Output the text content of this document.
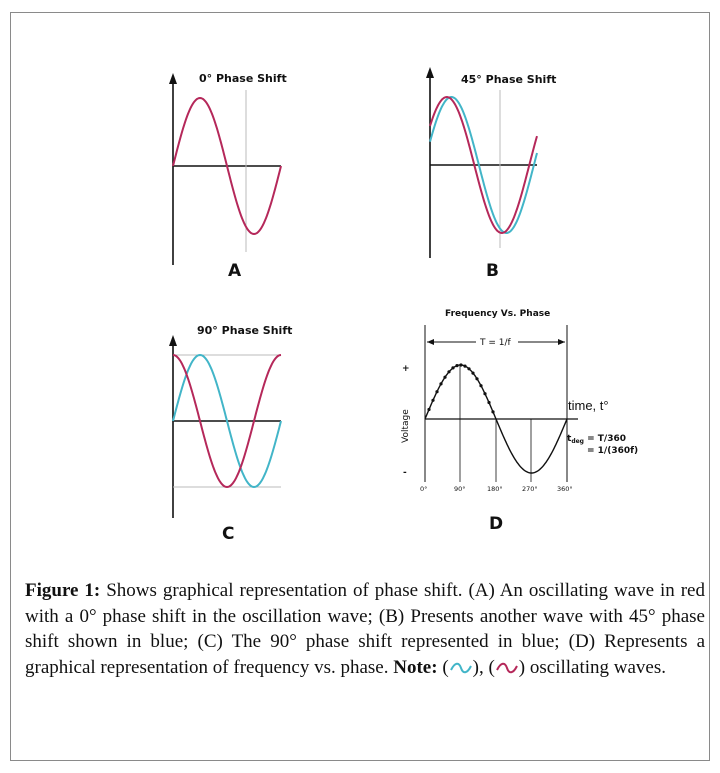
0° Phase Shift
A
45° Phase Shift
B
90° Phase Shift
C
Frequency Vs. Phase
T = 1/f
+
-
Voltage
time, t°
$t_{deg} = T/360$
= 1/(360f)
0°	90°	180°	270°	360°
D
Figure 1: Shows graphical representation of phase shift. (A) An oscillating wave in red with a 0° phase shift in the oscillation wave; (B) Presents another wave with 45° phase shift shown in blue; (C) The 90° phase shift represented in blue; (D) Represents a graphical representation of frequency vs. phase. Note: ( ), ( ) oscillating waves.
